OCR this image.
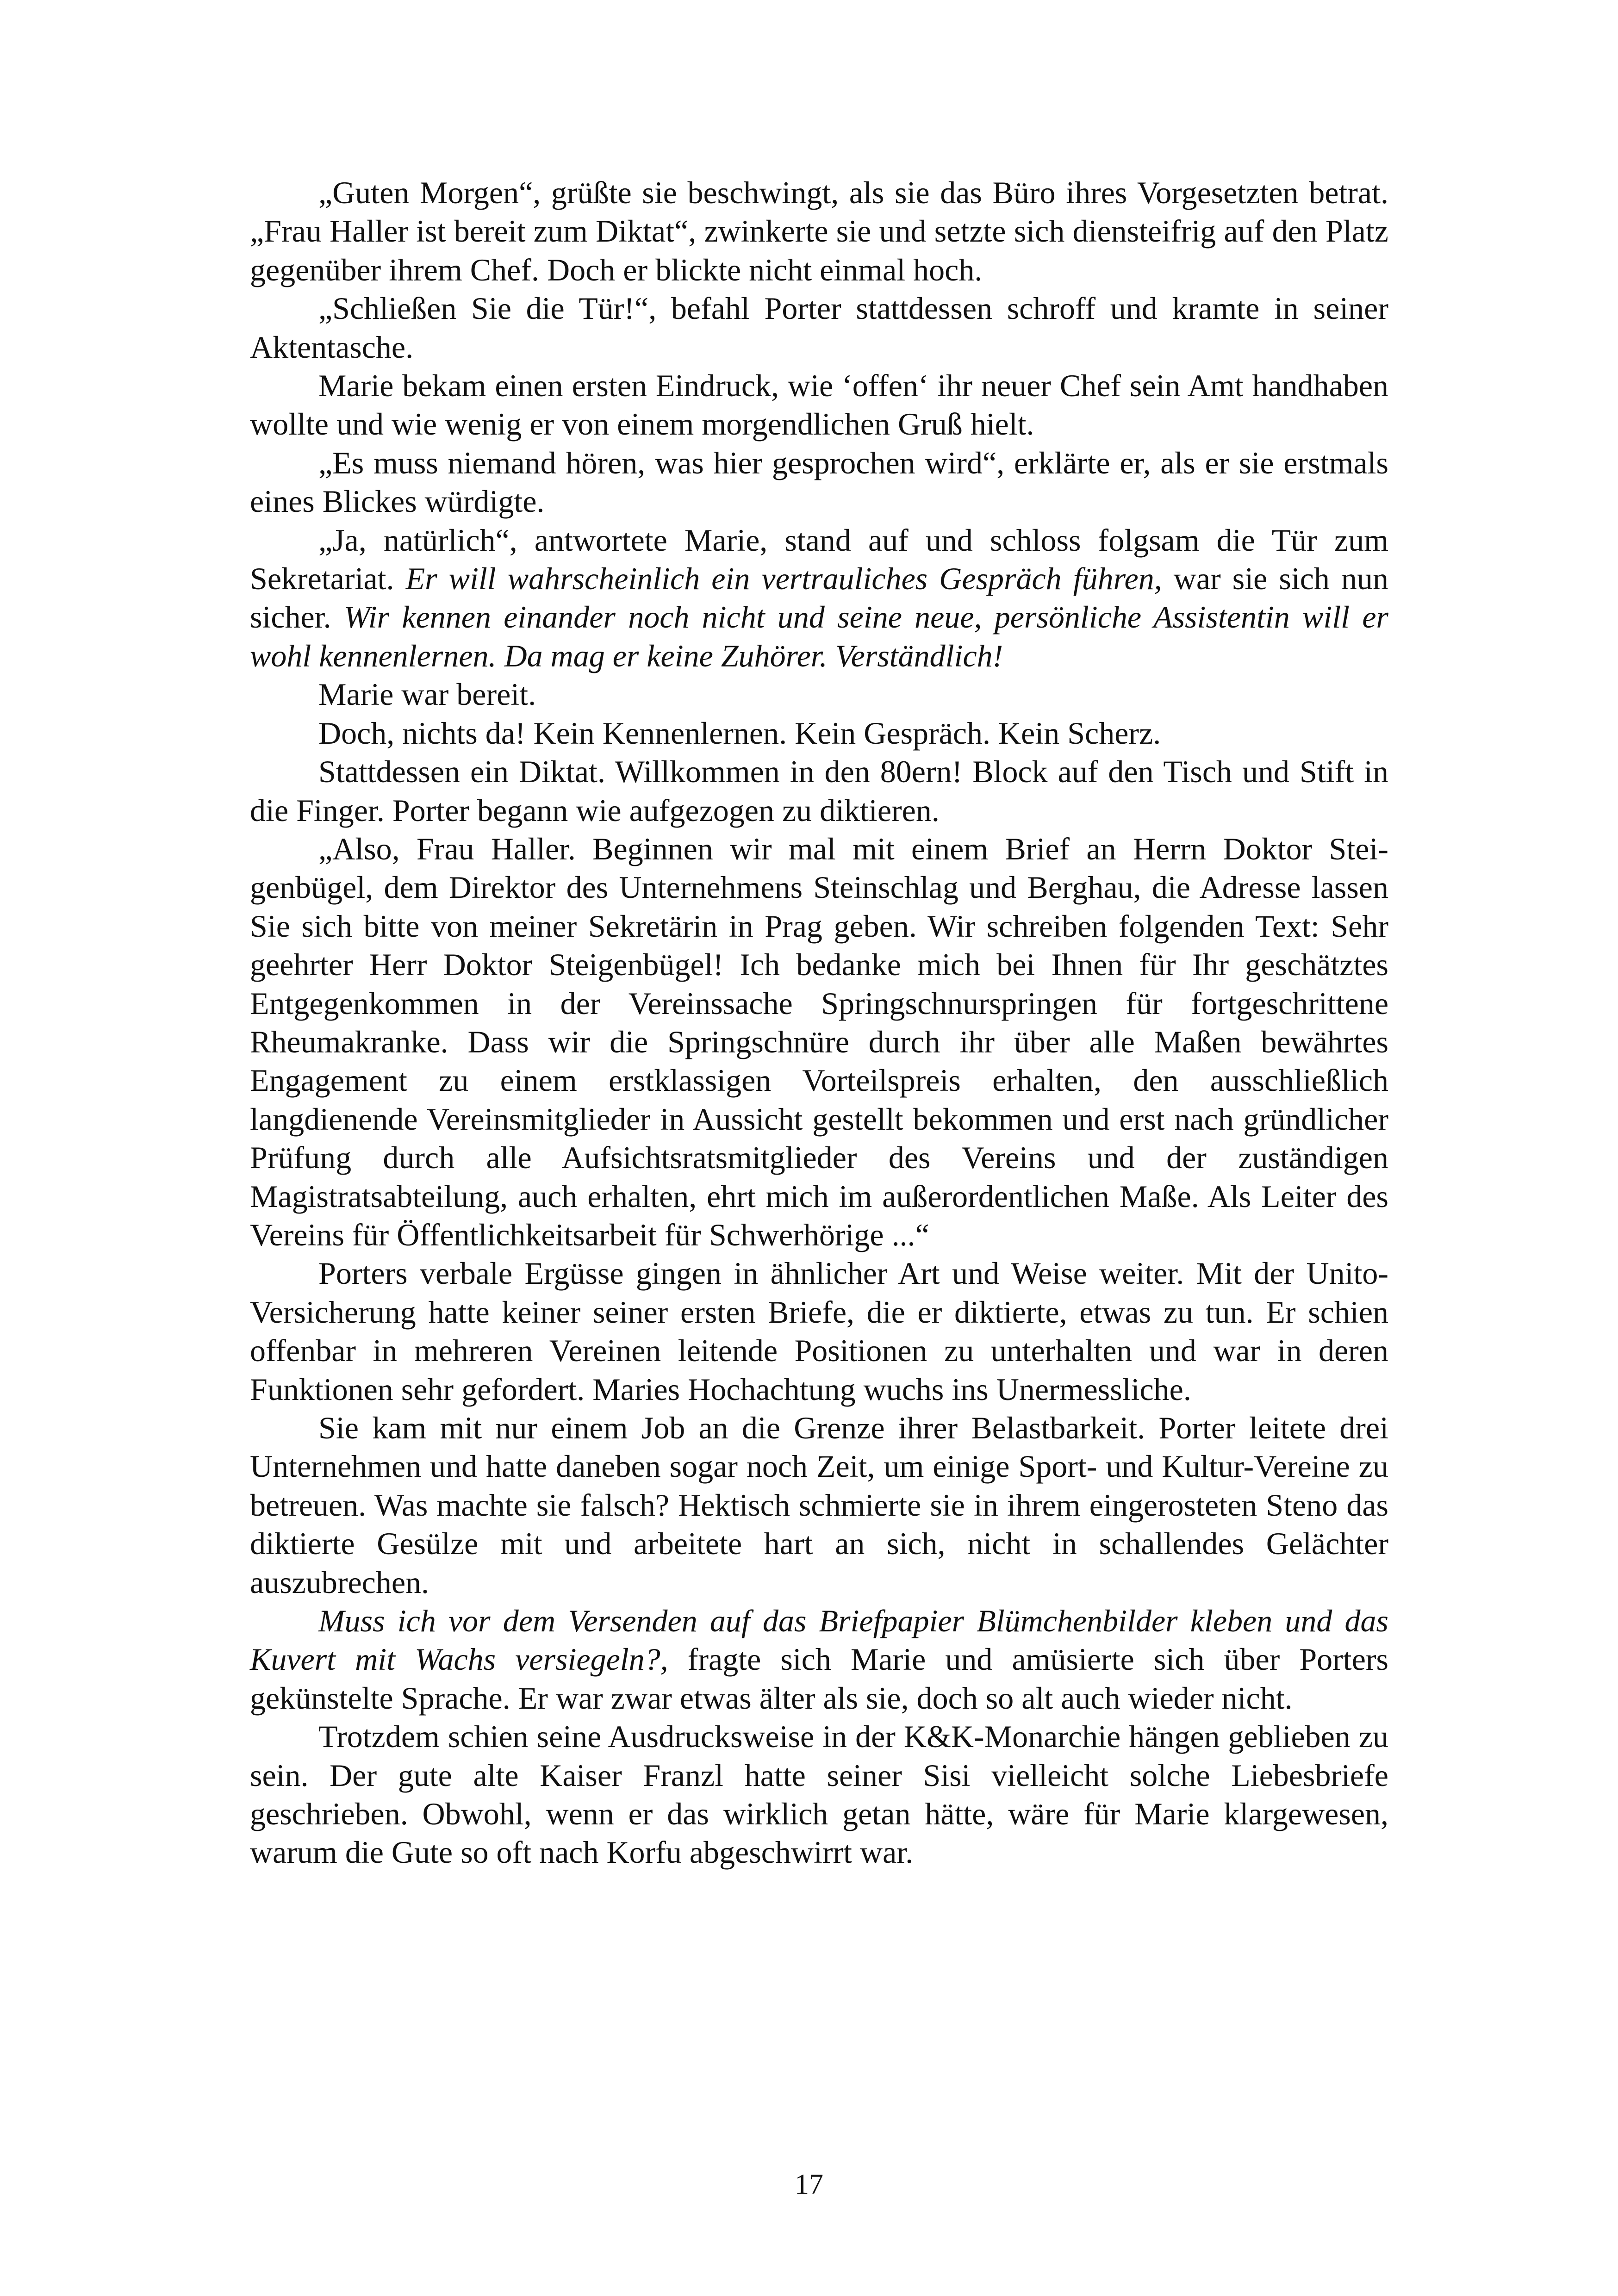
„Guten Morgen“, grüßte sie beschwingt, als sie das Büro ihres Vorgesetzten betrat. „Frau Haller ist bereit zum Diktat“, zwinkerte sie und setzte sich diensteifrig auf den Platz gegenüber ihrem Chef. Doch er blickte nicht einmal hoch.

„Schließen Sie die Tür!“, befahl Porter stattdessen schroff und kramte in seiner Aktentasche.

Marie bekam einen ersten Eindruck, wie ‘offen‘ ihr neuer Chef sein Amt handhaben wollte und wie wenig er von einem morgendlichen Gruß hielt.

„Es muss niemand hören, was hier gesprochen wird“, erklärte er, als er sie erstmals eines Blickes würdigte.

„Ja, natürlich“, antwortete Marie, stand auf und schloss folgsam die Tür zum Sekretariat. Er will wahrscheinlich ein vertrauliches Gespräch führen, war sie sich nun sicher. Wir kennen einander noch nicht und seine neue, persönliche Assistentin will er wohl kennenlernen. Da mag er keine Zuhörer. Verständlich!

Marie war bereit.

Doch, nichts da! Kein Kennenlernen. Kein Gespräch. Kein Scherz.

Stattdessen ein Diktat. Willkommen in den 80ern! Block auf den Tisch und Stift in die Finger. Porter begann wie aufgezogen zu diktieren.

„Also, Frau Haller. Beginnen wir mal mit einem Brief an Herrn Doktor Steigenbügel, dem Direktor des Unternehmens Steinschlag und Berghau, die Adresse lassen Sie sich bitte von meiner Sekretärin in Prag geben. Wir schreiben folgenden Text: Sehr geehrter Herr Doktor Steigenbügel! Ich bedanke mich bei Ihnen für Ihr geschätztes Entgegenkommen in der Vereinssache Springschnurspringen für fortgeschrittene Rheumakranke. Dass wir die Springschnüre durch ihr über alle Maßen bewährtes Engagement zu einem erstklassigen Vorteilspreis erhalten, den ausschließlich langdienende Vereinsmitglieder in Aussicht gestellt bekommen und erst nach gründlicher Prüfung durch alle Aufsichtsratsmitglieder des Vereins und der zuständigen Magistratsabteilung, auch erhalten, ehrt mich im außerordentlichen Maße. Als Leiter des Vereins für Öffentlichkeitsarbeit für Schwerhörige ...“

Porters verbale Ergüsse gingen in ähnlicher Art und Weise weiter. Mit der Unito-Versicherung hatte keiner seiner ersten Briefe, die er diktierte, etwas zu tun. Er schien offenbar in mehreren Vereinen leitende Positionen zu unterhalten und war in deren Funktionen sehr gefordert. Maries Hochachtung wuchs ins Unermessliche.

Sie kam mit nur einem Job an die Grenze ihrer Belastbarkeit. Porter leitete drei Unternehmen und hatte daneben sogar noch Zeit, um einige Sport- und Kultur-Vereine zu betreuen. Was machte sie falsch? Hektisch schmierte sie in ihrem eingerosteten Steno das diktierte Gesülze mit und arbeitete hart an sich, nicht in schallendes Gelächter auszubrechen.

Muss ich vor dem Versenden auf das Briefpapier Blümchenbilder kleben und das Kuvert mit Wachs versiegeln?, fragte sich Marie und amüsierte sich über Porters gekünstelte Sprache. Er war zwar etwas älter als sie, doch so alt auch wieder nicht.

Trotzdem schien seine Ausdrucksweise in der K&K-Monarchie hängen geblieben zu sein. Der gute alte Kaiser Franzl hatte seiner Sisi vielleicht solche Liebesbriefe geschrieben. Obwohl, wenn er das wirklich getan hätte, wäre für Marie klargewesen, warum die Gute so oft nach Korfu abgeschwirrt war.

17
